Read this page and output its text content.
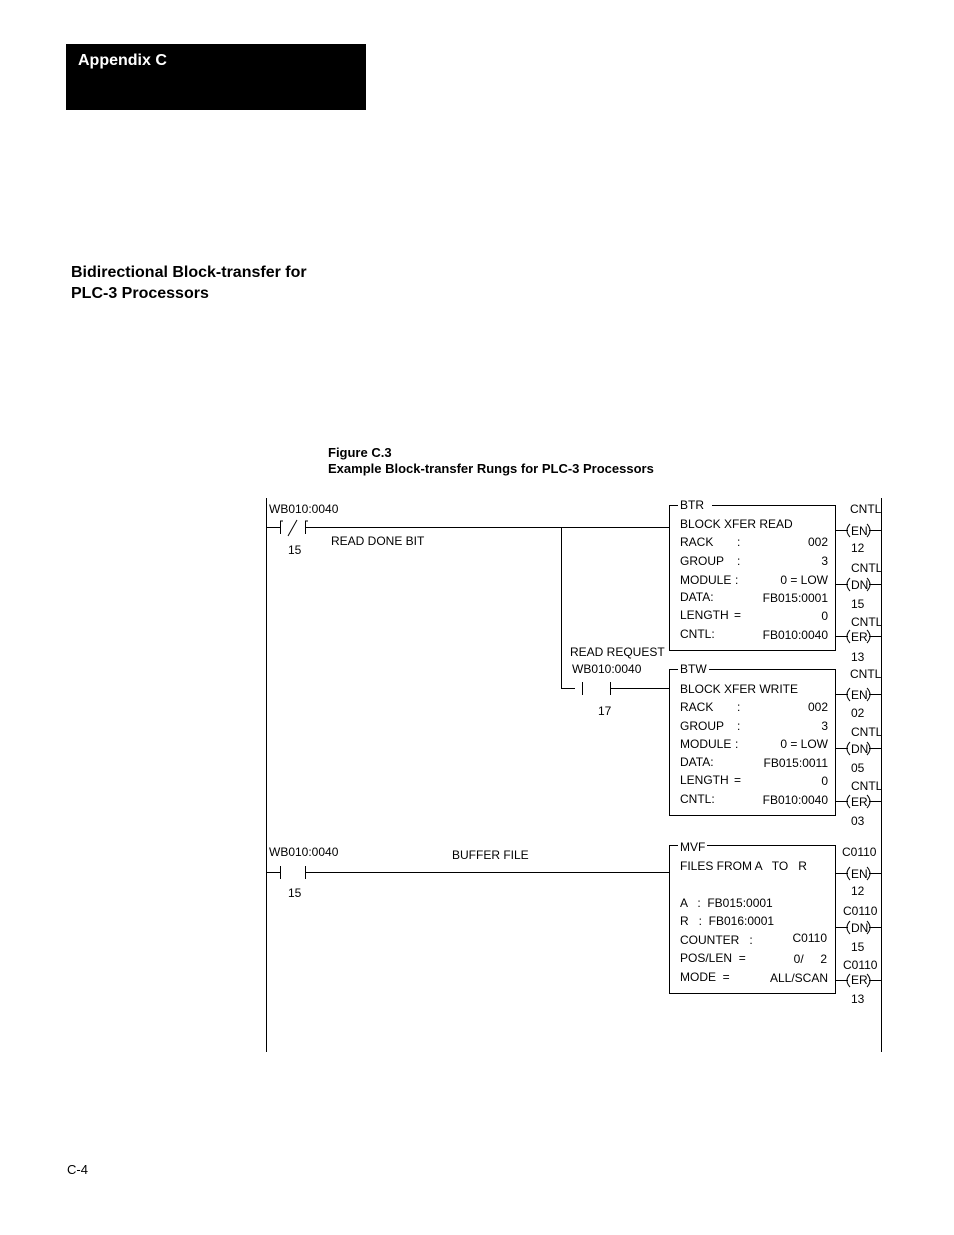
Appendix C
Bidirectional Block-transfer for
PLC-3 Processors
Figure C.3
Example Block-transfer Rungs for PLC-3 Processors
WB010:0040
15
READ DONE BIT
BTR
BLOCK XFER READ
RACK :	002
GROUP :	3
MODULE :	0 = LOW
DATA:	FB015:0001
LENGTH =	0
CNTL:	FB010:0040
CNTL
EN
12
CNTL
DN
15
CNTL
ER
13
READ REQUEST
WB010:0040
17
BTW
BLOCK XFER WRITE
RACK :	002
GROUP :	3
MODULE :	0 = LOW
DATA:	FB015:0011
LENGTH =	0
CNTL:	FB010:0040
CNTL
EN
02
CNTL
DN
05
CNTL
ER
03
WB010:0040
15
BUFFER FILE
MVF
FILES FROM A   TO   R
A   :  FB015:0001
R   :  FB016:0001
COUNTER   :	C0110
POS/LEN  =	0/     2
MODE  =	ALL/SCAN
C0110
EN
12
C0110
DN
15
C0110
ER
13
C-4
